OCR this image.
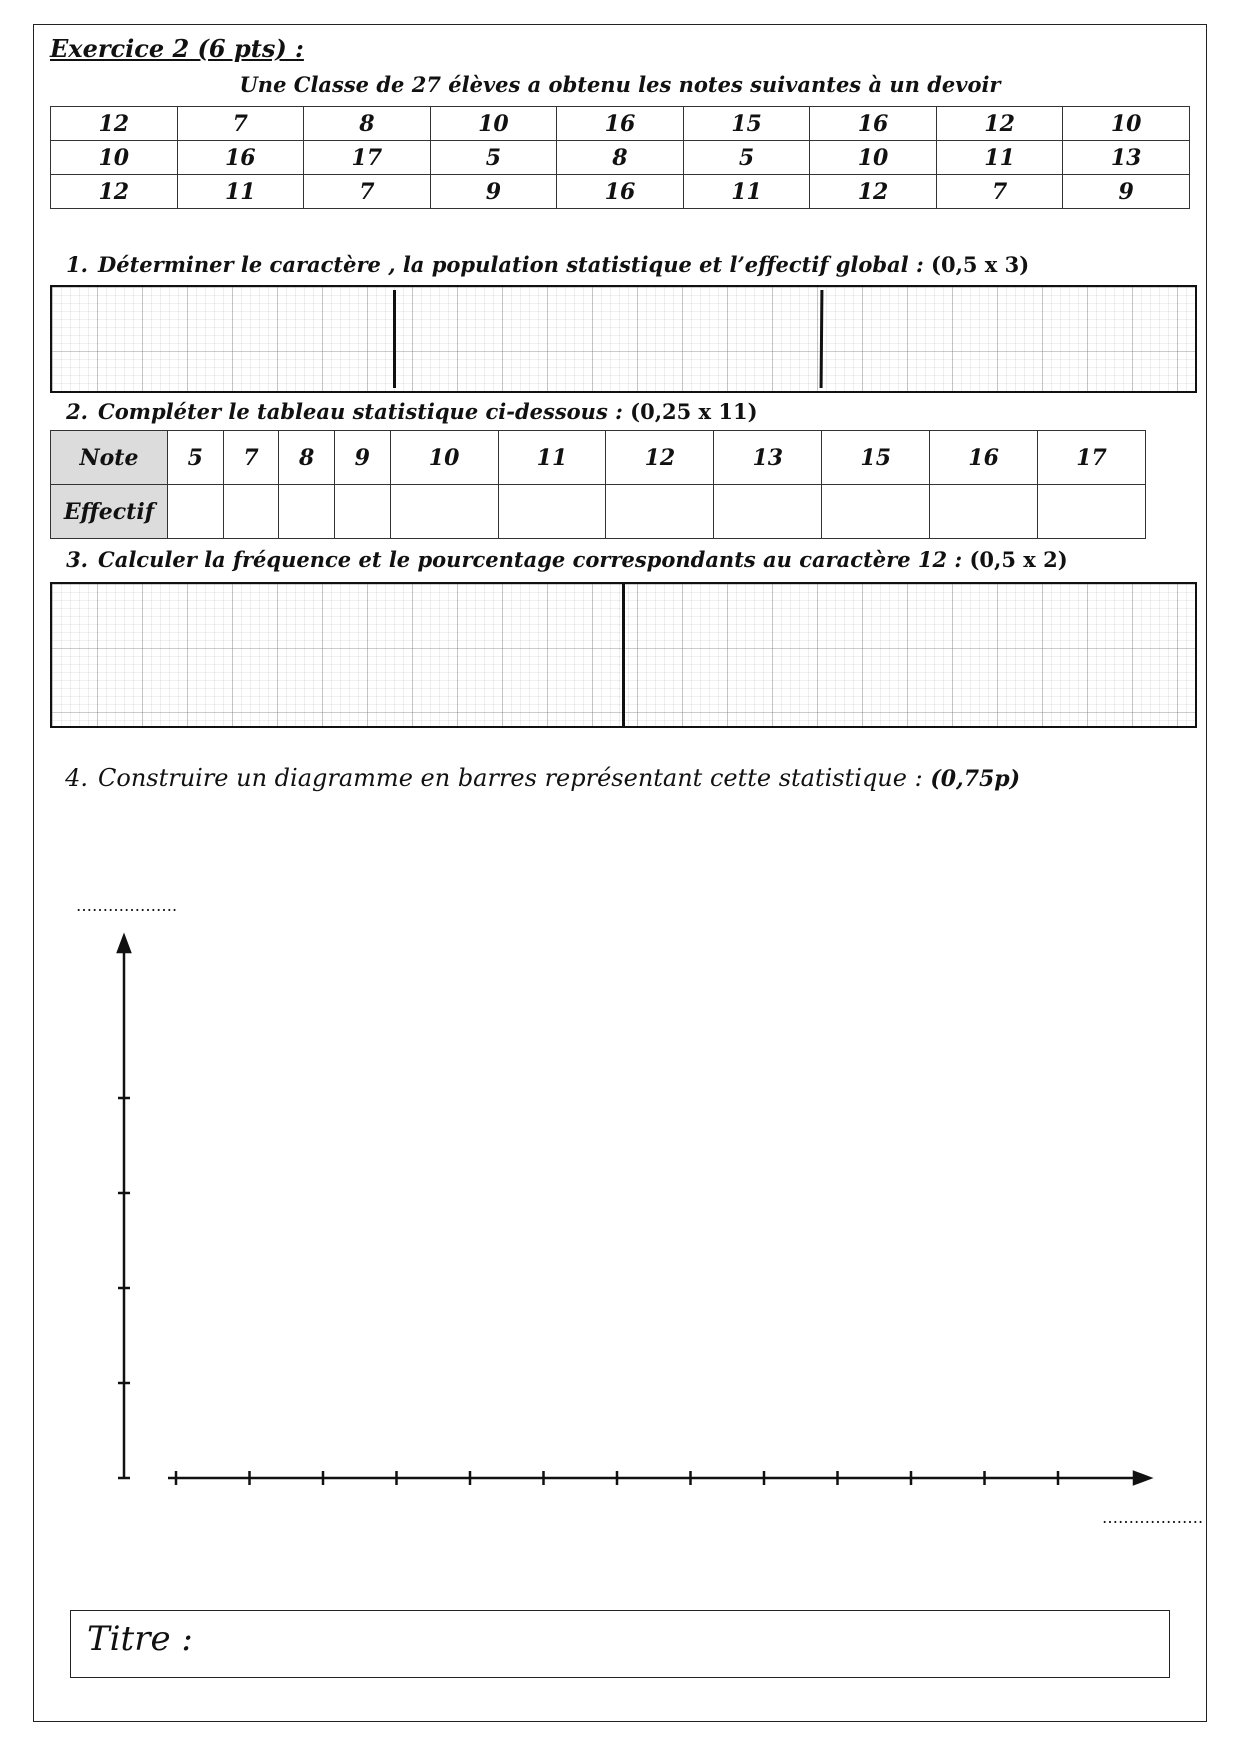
Exercice 2 (6 pts) :
Une Classe de 27 élèves a obtenu les notes suivantes à un devoir
12	7	8	10	16	15	16	12	10
10	16	17	5	8	5	10	11	13
12	11	7	9	16	11	12	7	9
1. Déterminer le caractère , la population statistique et l’effectif global : (0,5 x 3)
2. Compléter le tableau statistique ci-dessous : (0,25 x 11)
Note	5	7	8	9	10	11	12	13	15	16	17
Effectif											
3. Calculer la fréquence et le pourcentage correspondants au caractère 12 : (0,5 x 2)
4. Construire un diagramme en barres représentant cette statistique : (0,75p)
……………….
……………….
Titre :
